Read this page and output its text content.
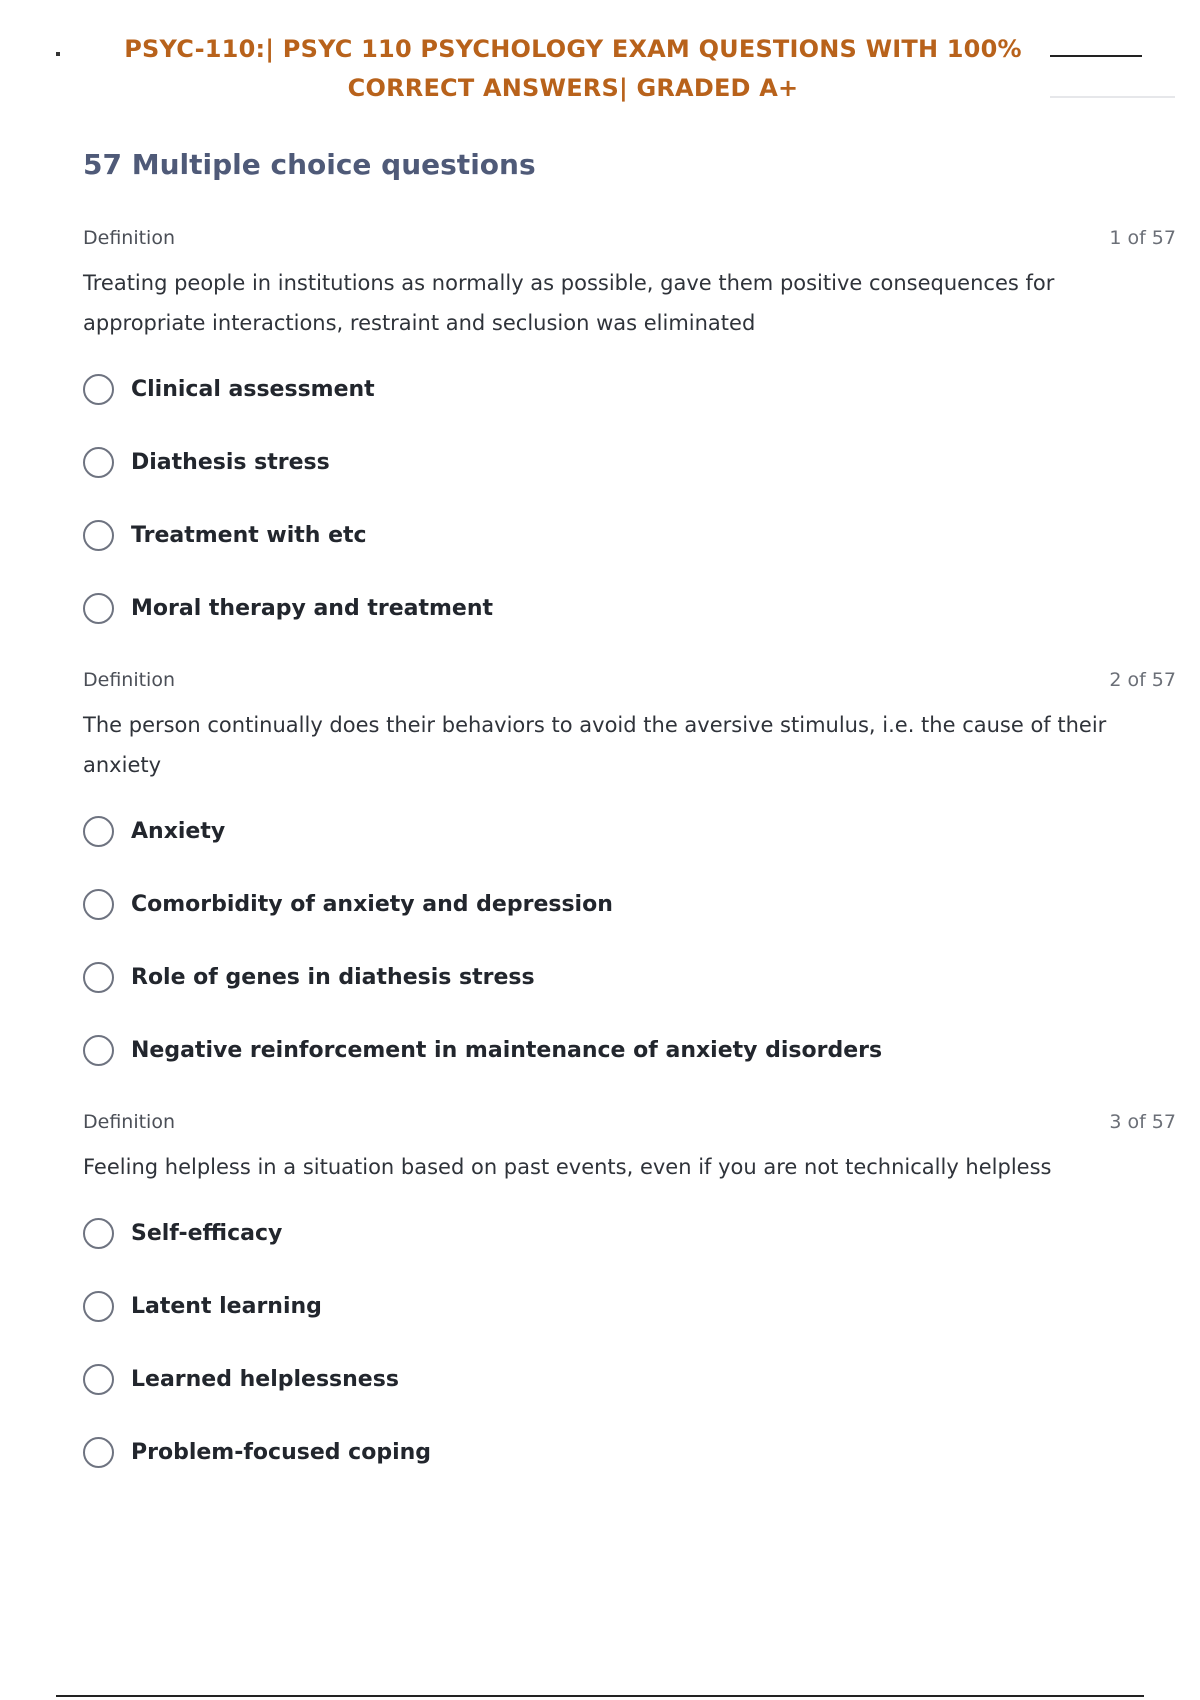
PSYC-110:| PSYC 110 PSYCHOLOGY EXAM QUESTIONS WITH 100% CORRECT ANSWERS| GRADED A+
57 Multiple choice questions
Definition	1 of 57

Treating people in institutions as normally as possible, gave them positive consequences for appropriate interactions, restraint and seclusion was eliminated

Clinical assessment
Diathesis stress
Treatment with etc
Moral therapy and treatment
Definition	2 of 57

The person continually does their behaviors to avoid the aversive stimulus, i.e. the cause of their anxiety

Anxiety
Comorbidity of anxiety and depression
Role of genes in diathesis stress
Negative reinforcement in maintenance of anxiety disorders
Definition	3 of 57

Feeling helpless in a situation based on past events, even if you are not technically helpless

Self-efficacy
Latent learning
Learned helplessness
Problem-focused coping
